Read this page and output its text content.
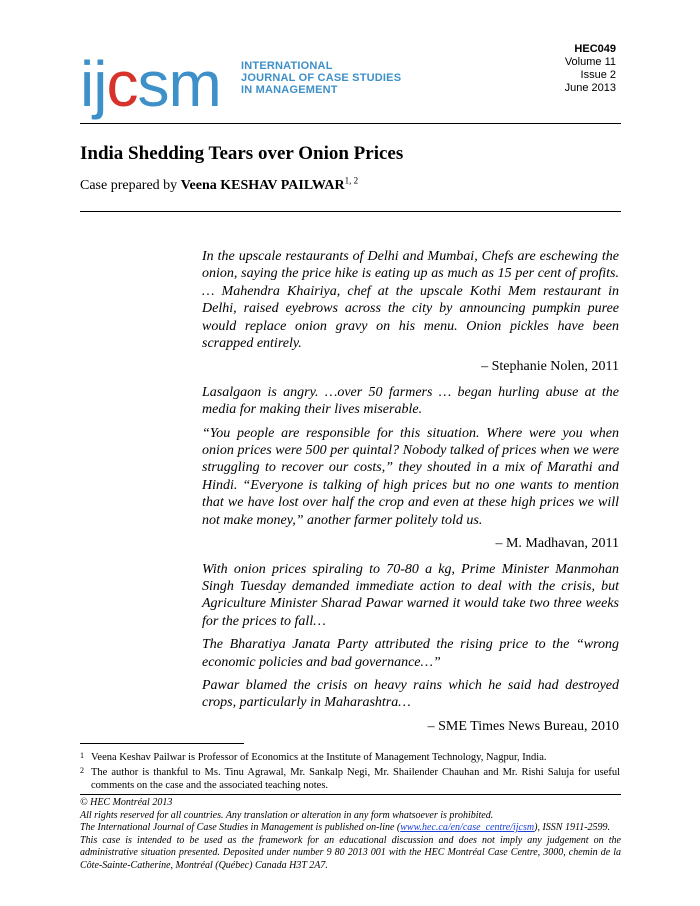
i j c s m INTERNATIONAL
JOURNAL OF CASE STUDIES
IN MANAGEMENT
HEC049
Volume 11
Issue 2
June 2013
India Shedding Tears over Onion Prices
Case prepared by Veena KESHAV PAILWAR$^{1, 2}$

In the upscale restaurants of Delhi and Mumbai, Chefs are eschewing the onion, saying the price hike is eating up as much as 15 per cent of profits. … Mahendra Khairiya, chef at the upscale Kothi Mem restaurant in Delhi, raised eyebrows across the city by announcing pumpkin puree would replace onion gravy on his menu. Onion pickles have been scrapped entirely.

– Stephanie Nolen, 2011

Lasalgaon is angry. …over 50 farmers … began hurling abuse at the media for making their lives miserable.

“You people are responsible for this situation. Where were you when onion prices were 500 per quintal? Nobody talked of prices when we were struggling to recover our costs,” they shouted in a mix of Marathi and Hindi. “Everyone is talking of high prices but no one wants to mention that we have lost over half the crop and even at these high prices we will not make money,” another farmer politely told us.

– M. Madhavan, 2011

With onion prices spiraling to 70-80 a kg, Prime Minister Manmohan Singh Tuesday demanded immediate action to deal with the crisis, but Agriculture Minister Sharad Pawar warned it would take two three weeks for the prices to fall…

The Bharatiya Janata Party attributed the rising price to the “wrong economic policies and bad governance…”

Pawar blamed the crisis on heavy rains which he said had destroyed crops, particularly in Maharashtra…

– SME Times News Bureau, 2010
1 Veena Keshav Pailwar is Professor of Economics at the Institute of Management Technology, Nagpur, India.
2 The author is thankful to Ms. Tinu Agrawal, Mr. Sankalp Negi, Mr. Shailender Chauhan and Mr. Rishi Saluja for useful comments on the case and the associated teaching notes.
© HEC Montréal 2013
All rights reserved for all countries. Any translation or alteration in any form whatsoever is prohibited.
The International Journal of Case Studies in Management is published on-line (www.hec.ca/en/case_centre/ijcsm), ISSN 1911-2599.
This case is intended to be used as the framework for an educational discussion and does not imply any judgement on the administrative situation presented. Deposited under number 9 80 2013 001 with the HEC Montréal Case Centre, 3000, chemin de la Côte-Sainte-Catherine, Montréal (Québec) Canada H3T 2A7.
